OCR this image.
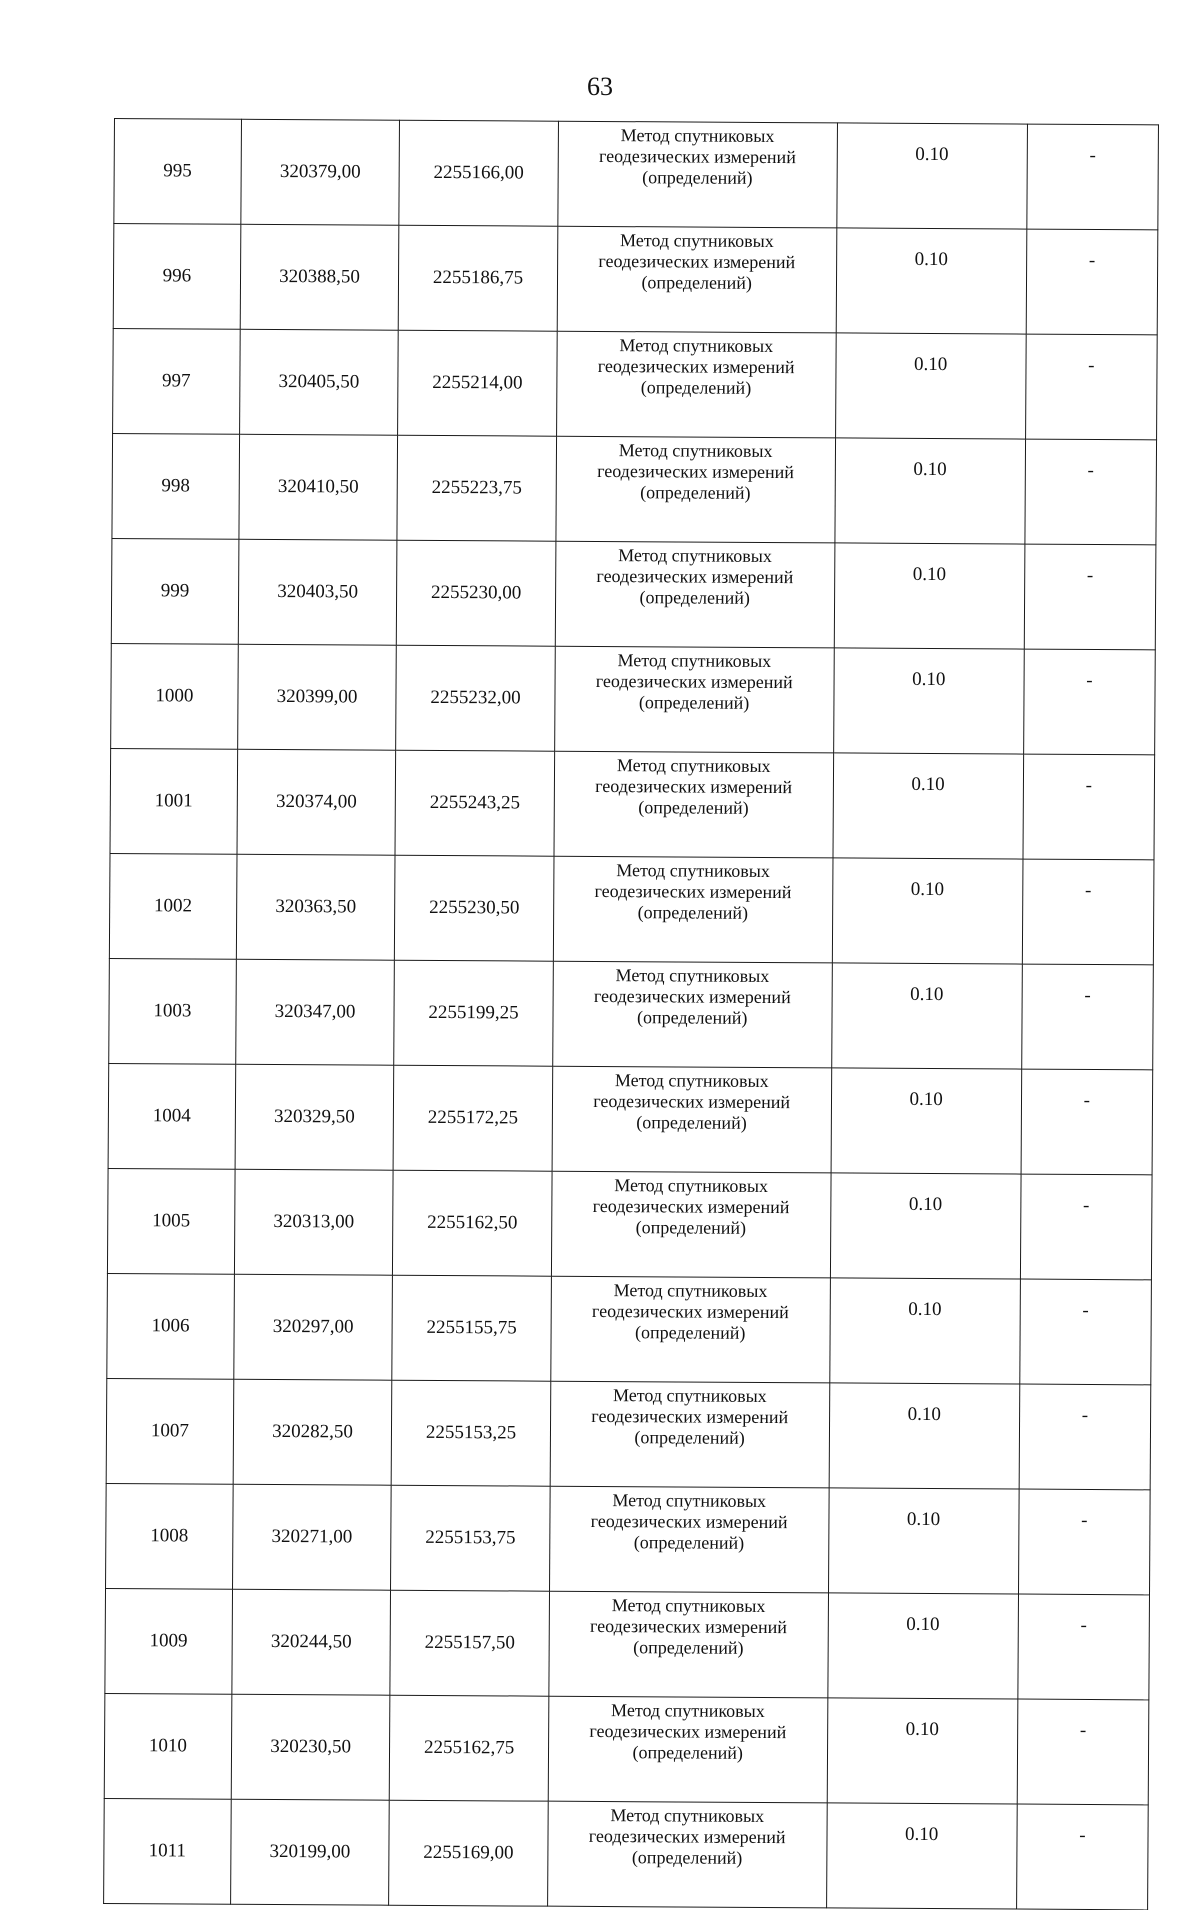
63
995	320379,00	2255166,00	Метод спутниковых
геодезических измерений
(определений)	0.10	-
996	320388,50	2255186,75	Метод спутниковых
геодезических измерений
(определений)	0.10	-
997	320405,50	2255214,00	Метод спутниковых
геодезических измерений
(определений)	0.10	-
998	320410,50	2255223,75	Метод спутниковых
геодезических измерений
(определений)	0.10	-
999	320403,50	2255230,00	Метод спутниковых
геодезических измерений
(определений)	0.10	-
1000	320399,00	2255232,00	Метод спутниковых
геодезических измерений
(определений)	0.10	-
1001	320374,00	2255243,25	Метод спутниковых
геодезических измерений
(определений)	0.10	-
1002	320363,50	2255230,50	Метод спутниковых
геодезических измерений
(определений)	0.10	-
1003	320347,00	2255199,25	Метод спутниковых
геодезических измерений
(определений)	0.10	-
1004	320329,50	2255172,25	Метод спутниковых
геодезических измерений
(определений)	0.10	-
1005	320313,00	2255162,50	Метод спутниковых
геодезических измерений
(определений)	0.10	-
1006	320297,00	2255155,75	Метод спутниковых
геодезических измерений
(определений)	0.10	-
1007	320282,50	2255153,25	Метод спутниковых
геодезических измерений
(определений)	0.10	-
1008	320271,00	2255153,75	Метод спутниковых
геодезических измерений
(определений)	0.10	-
1009	320244,50	2255157,50	Метод спутниковых
геодезических измерений
(определений)	0.10	-
1010	320230,50	2255162,75	Метод спутниковых
геодезических измерений
(определений)	0.10	-
1011	320199,00	2255169,00	Метод спутниковых
геодезических измерений
(определений)	0.10	-
